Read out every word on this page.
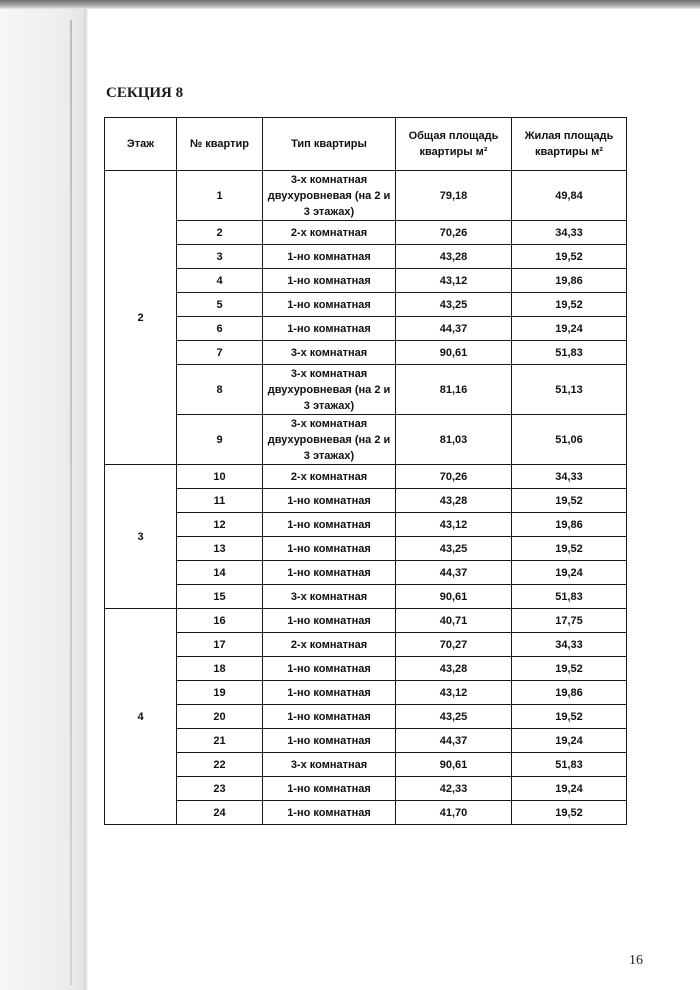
СЕКЦИЯ 8
Этаж	№ квартир	Тип квартиры	Общая площадь квартиры м²	Жилая площадь квартиры м²
2	1	3-х комнатная двухуровневая (на 2 и 3 этажах)	79,18	49,84
	2	2-х комнатная	70,26	34,33
	3	1-но комнатная	43,28	19,52
	4	1-но комнатная	43,12	19,86
	5	1-но комнатная	43,25	19,52
	6	1-но комнатная	44,37	19,24
	7	3-х комнатная	90,61	51,83
	8	3-х комнатная двухуровневая (на 2 и 3 этажах)	81,16	51,13
	9	3-х комнатная двухуровневая (на 2 и 3 этажах)	81,03	51,06
3	10	2-х комнатная	70,26	34,33
	11	1-но комнатная	43,28	19,52
	12	1-но комнатная	43,12	19,86
	13	1-но комнатная	43,25	19,52
	14	1-но комнатная	44,37	19,24
	15	3-х комнатная	90,61	51,83
4	16	1-но комнатная	40,71	17,75
	17	2-х комнатная	70,27	34,33
	18	1-но комнатная	43,28	19,52
	19	1-но комнатная	43,12	19,86
	20	1-но комнатная	43,25	19,52
	21	1-но комнатная	44,37	19,24
	22	3-х комнатная	90,61	51,83
	23	1-но комнатная	42,33	19,24
	24	1-но комнатная	41,70	19,52
16
